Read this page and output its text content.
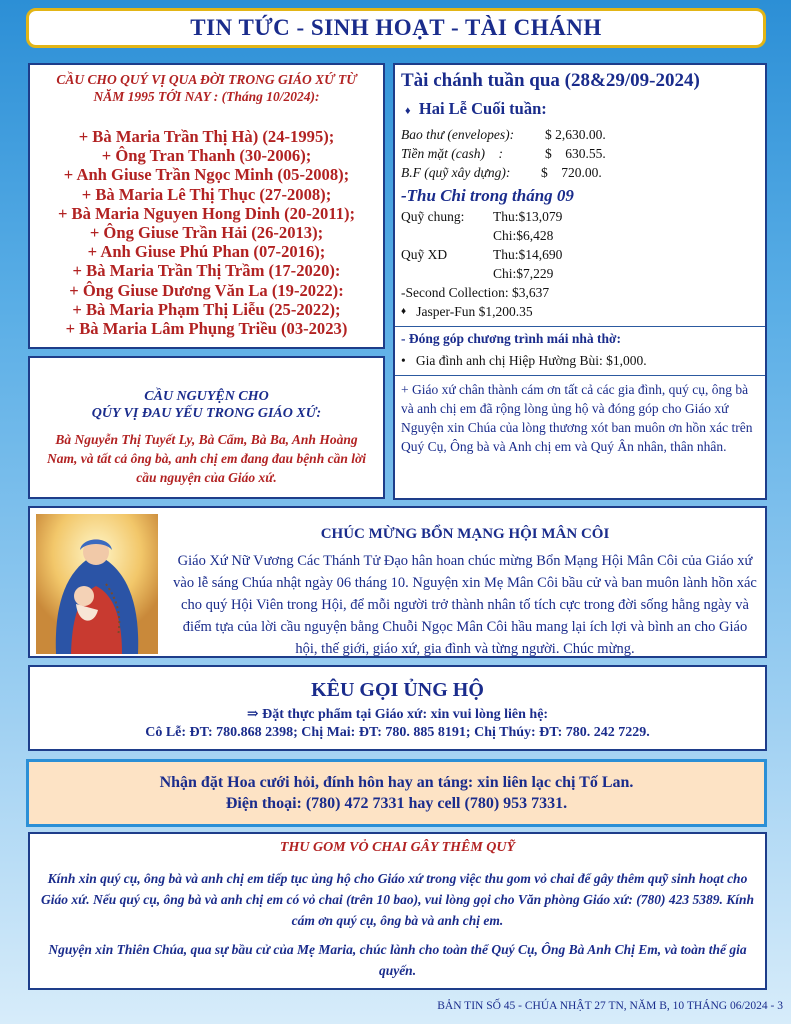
TIN TỨC - SINH HOẠT - TÀI CHÁNH
CẦU CHO QUÝ VỊ QUA ĐỜI TRONG GIÁO XỨ TỪ NĂM 1995 TỚI NAY : (Tháng 10/2024):
+ Bà Maria Trần Thị Hà) (24-1995);
+ Ông Tran Thanh (30-2006);
+ Anh Giuse Trần Ngọc Minh (05-2008);
+ Bà Maria Lê Thị Thục (27-2008);
+ Bà Maria Nguyen Hong Dinh (20-2011);
+ Ông Giuse Trần Hải (26-2013);
+ Anh Giuse Phú Phan (07-2016);
+ Bà Maria Trần Thị Trầm (17-2020):
+ Ông Giuse Dương Văn La (19-2022):
+ Bà Maria Phạm Thị Liễu (25-2022);
+ Bà Maria Lâm Phụng Triều (03-2023)
CẦU NGUYỆN CHO
QÚY VỊ ĐAU YẾU TRONG GIÁO XỨ:
Bà Nguyễn Thị Tuyết Ly, Bà Cẩm, Bà Ba, Anh Hoàng Nam, và tất cả ông bà, anh chị em đang đau bệnh cần lời cầu nguyện của Giáo xứ.
Tài chánh tuần qua (28&29/09-2024)
♦ Hai Lễ Cuối tuần:
Bao thư (envelopes):	$ 2,630.00.
Tiền mặt (cash)    :	$    630.55.
B.F (quỹ xây dựng):	$    720.00.
-Thu Chi trong tháng 09
Quỹ chung:	Thu:$13,079
Chi:$6,428
Quỹ XD	Thu:$14,690
Chi:$7,229
-Second Collection: $3,637
♦
Jasper-Fun $1,200.35
- Đóng góp chương trình mái nhà thờ:
•
Gia đình anh chị Hiệp Hường Bùi: $1,000.
+ Giáo xứ chân thành cám ơn tất cả các gia đình, quý cụ, ông bà và anh chị em đã rộng lòng ủng hộ và đóng góp cho Giáo xứ Nguyện xin Chúa của lòng thương xót ban muôn ơn hồn xác trên Quý Cụ, Ông bà và Anh chị em và Quý Ân nhân, thân nhân.
CHÚC MỪNG BỔN MẠNG HỘI MÂN CÔI
Giáo Xứ Nữ Vương Các Thánh Tử Đạo hân hoan chúc mừng Bổn Mạng Hội Mân Côi của Giáo xứ vào lễ sáng Chúa nhật ngày 06 tháng 10. Nguyện xin Mẹ Mân Côi bầu cử và ban muôn lành hồn xác cho quý Hội Viên trong Hội, để mỗi người trở thành nhân tố tích cực trong đời sống hằng ngày và điểm tựa của lời cầu nguyện bằng Chuỗi Ngọc Mân Côi hầu mang lại ích lợi và bình an cho Giáo hội, thế giới, giáo xứ, gia đình và từng người. Chúc mừng.
KÊU GỌI ỦNG HỘ
⇒ Đặt thực phẩm tại Giáo xứ: xin vui lòng liên hệ:
Cô Lễ: ĐT: 780.868 2398; Chị Mai: ĐT: 780. 885 8191; Chị Thúy: ĐT: 780. 242 7229.
Nhận đặt Hoa cưới hỏi, đính hôn hay an táng: xin liên lạc chị Tố Lan.
Điện thoại: (780) 472 7331 hay cell (780) 953 7331.
THU GOM VỎ CHAI GÂY THÊM QUỸ
Kính xin quý cụ, ông bà và anh chị em tiếp tục ủng hộ cho Giáo xứ trong việc thu gom vỏ chai để gây thêm quỹ sinh hoạt cho Giáo xứ. Nếu quý cụ, ông bà và anh chị em có vỏ chai (trên 10 bao), vui lòng gọi cho Văn phòng Giáo xứ: (780) 423 5389. Kính cám ơn quý cụ, ông bà và anh chị em.
Nguyện xin Thiên Chúa, qua sự bầu cử của Mẹ Maria, chúc lành cho toàn thể Quý Cụ, Ông Bà Anh Chị Em, và toàn thể gia quyến.
BẢN TIN SỐ 45 - CHÚA NHẬT 27 TN, NĂM B, 10 THÁNG 06/2024 - 3
